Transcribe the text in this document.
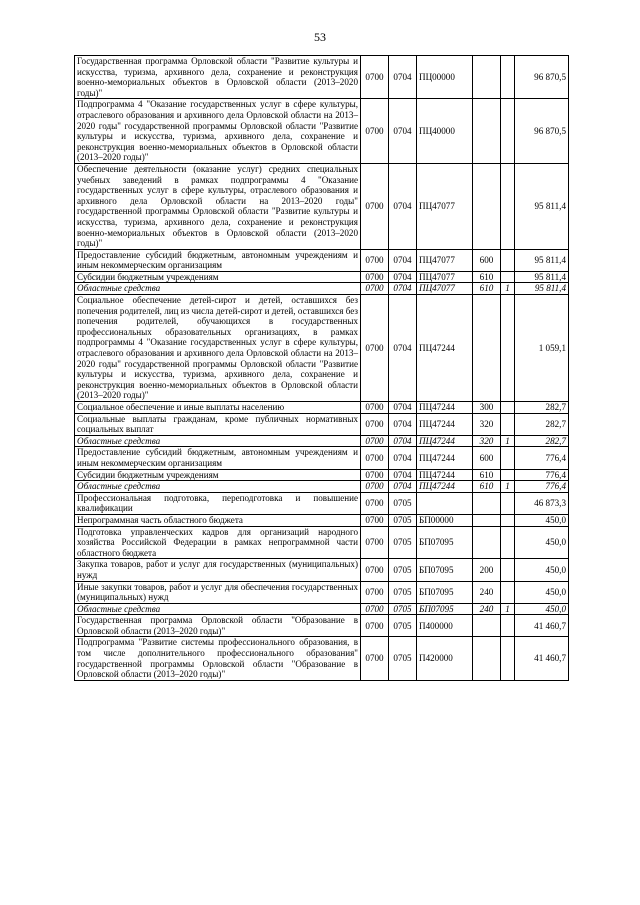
53
Государственная программа Орловской области "Развитие культуры и искусства, туризма, архивного дела, сохранение и реконструкция военно-мемориальных объектов в Орловской области (2013–2020 годы)"	0700	0704	ПЦ00000			96 870,5
Подпрограмма 4 "Оказание государственных услуг в сфере культуры, отраслевого образования и архивного дела Орловской области на 2013–2020 годы" государственной программы Орловской области "Развитие культуры и искусства, туризма, архивного дела, сохранение и реконструкция военно-мемориальных объектов в Орловской области (2013–2020 годы)"	0700	0704	ПЦ40000			96 870,5
Обеспечение деятельности (оказание услуг) средних специальных учебных заведений в рамках подпрограммы 4 "Оказание государственных услуг в сфере культуры, отраслевого образования и архивного дела Орловской области на 2013–2020 годы" государственной программы Орловской области "Развитие культуры и искусства, туризма, архивного дела, сохранение и реконструкция военно-мемориальных объектов в Орловской области (2013–2020 годы)"	0700	0704	ПЦ47077			95 811,4
Предоставление субсидий бюджетным, автономным учреждениям и иным некоммерческим организациям	0700	0704	ПЦ47077	600		95 811,4
Субсидии бюджетным учреждениям	0700	0704	ПЦ47077	610		95 811,4
Областные средства	0700	0704	ПЦ47077	610	1	95 811,4
Социальное обеспечение детей-сирот и детей, оставшихся без попечения родителей, лиц из числа детей-сирот и детей, оставшихся без попечения родителей, обучающихся в государственных профессиональных образовательных организациях, в рамках подпрограммы 4 "Оказание государственных услуг в сфере культуры, отраслевого образования и архивного дела Орловской области на 2013–2020 годы" государственной программы Орловской области "Развитие культуры и искусства, туризма, архивного дела, сохранение и реконструкция военно-мемориальных объектов в Орловской области (2013–2020 годы)"	0700	0704	ПЦ47244			1 059,1
Социальное обеспечение и иные выплаты населению	0700	0704	ПЦ47244	300		282,7
Социальные выплаты гражданам, кроме публичных нормативных социальных выплат	0700	0704	ПЦ47244	320		282,7
Областные средства	0700	0704	ПЦ47244	320	1	282,7
Предоставление субсидий бюджетным, автономным учреждениям и иным некоммерческим организациям	0700	0704	ПЦ47244	600		776,4
Субсидии бюджетным учреждениям	0700	0704	ПЦ47244	610		776,4
Областные средства	0700	0704	ПЦ47244	610	1	776,4
Профессиональная подготовка, переподготовка и повышение квалификации	0700	0705				46 873,3
Непрограммная часть областного бюджета	0700	0705	БП00000			450,0
Подготовка управленческих кадров для организаций народного хозяйства Российской Федерации в рамках непрограммной части областного бюджета	0700	0705	БП07095			450,0
Закупка товаров, работ и услуг для государственных (муниципальных) нужд	0700	0705	БП07095	200		450,0
Иные закупки товаров, работ и услуг для обеспечения государственных (муниципальных) нужд	0700	0705	БП07095	240		450,0
Областные средства	0700	0705	БП07095	240	1	450,0
Государственная программа Орловской области "Образование в Орловской области (2013–2020 годы)"	0700	0705	П400000			41 460,7
Подпрограмма "Развитие системы профессионального образования, в том числе дополнительного профессионального образования" государственной программы Орловской области "Образование в Орловской области (2013–2020 годы)"	0700	0705	П420000			41 460,7
